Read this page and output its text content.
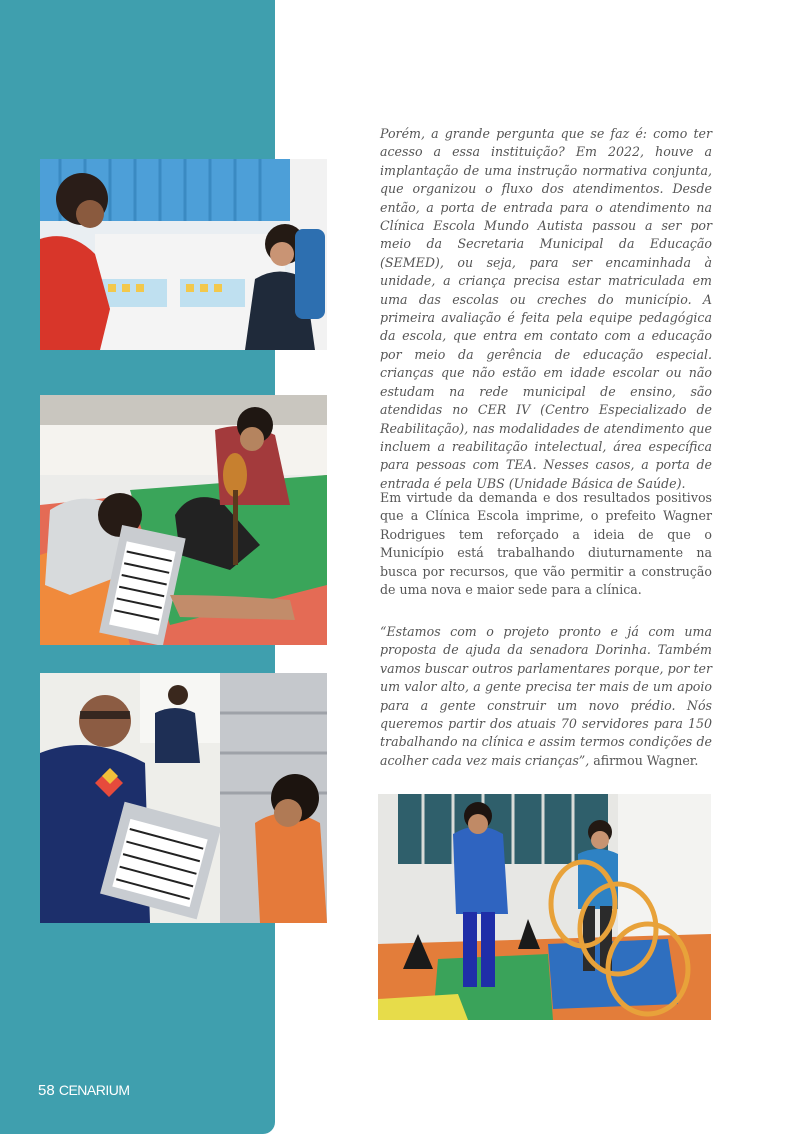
Porém, a grande pergunta que se faz é: como ter acesso a essa instituição? Em 2022, houve a implantação de uma instrução normativa conjunta, que organizou o fluxo dos atendimentos. Desde então, a porta de entrada para o atendimento na Clínica Escola Mundo Autista passou a ser por meio da Secretaria Municipal da Educação (SEMED), ou seja, para ser encaminhada à unidade, a criança precisa estar matriculada em uma das escolas ou creches do município. A primeira avaliação é feita pela equipe pedagógica da escola, que entra em contato com a educação por meio da gerência de educação especial. crianças que não estão em idade escolar ou não estudam na rede municipal de ensino, são atendidas no CER IV (Centro Especializado de Reabilitação), nas modalidades de atendimento que incluem a reabilitação intelectual, área específica para pessoas com TEA. Nesses casos, a porta de entrada é pela UBS (Unidade Básica de Saúde).
Em virtude da demanda e dos resultados positivos que a Clínica Escola imprime, o prefeito Wagner Rodrigues tem reforçado a ideia de que o Município está trabalhando diuturnamente na busca por recursos, que vão permitir a construção de uma nova e maior sede para a clínica.
“Estamos com o projeto pronto e já com uma proposta de ajuda da senadora Dorinha. Também vamos buscar outros parlamentares porque, por ter um valor alto, a gente precisa ter mais de um apoio para a gente construir um novo prédio. Nós queremos partir dos atuais 70 servidores para 150 trabalhando na clínica e assim termos condições de acolher cada vez mais crianças”, afirmou Wagner.
58 CENARIUM
